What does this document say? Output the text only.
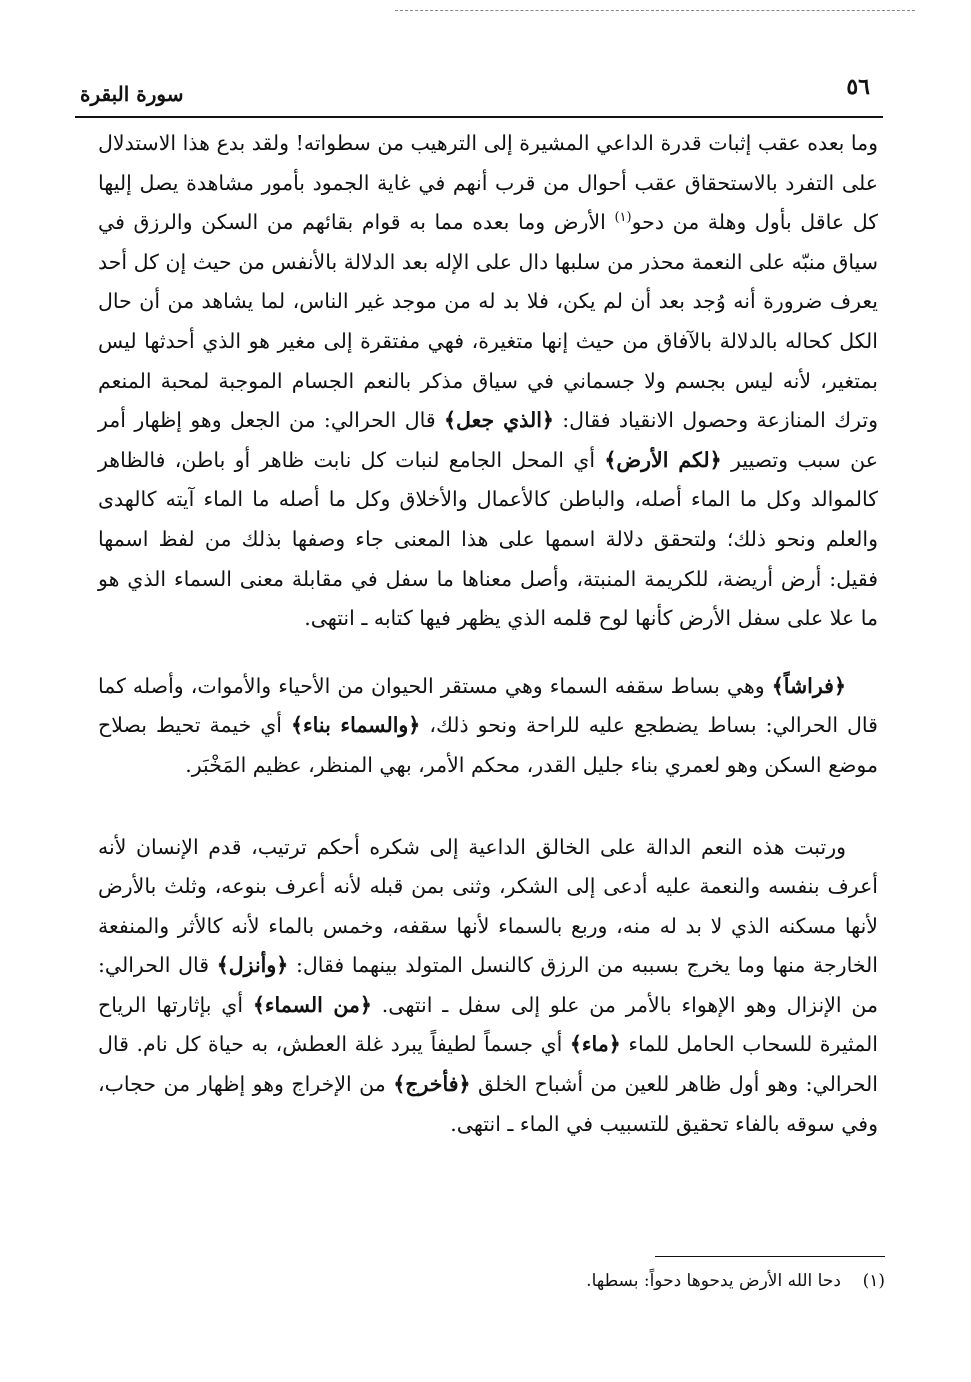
٥٦
سورة البقرة

وما بعده عقب إثبات قدرة الداعي المشيرة إلى الترهيب من سطواته! ولقد بدع هذا الاستدلال على التفرد بالاستحقاق عقب أحوال من قرب أنهم في غاية الجمود بأمور مشاهدة يصل إليها كل عاقل بأول وهلة من دحو$^{(١)}$ الأرض وما بعده مما به قوام بقائهم من السكن والرزق في سياق منبّه على النعمة محذر من سلبها دال على الإله بعد الدلالة بالأنفس من حيث إن كل أحد يعرف ضرورة أنه وُجد بعد أن لم يكن، فلا بد له من موجد غير الناس، لما يشاهد من أن حال الكل كحاله بالدلالة بالآفاق من حيث إنها متغيرة، فهي مفتقرة إلى مغير هو الذي أحدثها ليس بمتغير، لأنه ليس بجسم ولا جسماني في سياق مذكر بالنعم الجسام الموجبة لمحبة المنعم وترك المنازعة وحصول الانقياد فقال: ﴿الذي جعل﴾ قال الحرالي: من الجعل وهو إظهار أمر عن سبب وتصيير ﴿لكم الأرض﴾ أي المحل الجامع لنبات كل نابت ظاهر أو باطن، فالظاهر كالموالد وكل ما الماء أصله، والباطن كالأعمال والأخلاق وكل ما أصله ما الماء آيته كالهدى والعلم ونحو ذلك؛ ولتحقق دلالة اسمها على هذا المعنى جاء وصفها بذلك من لفظ اسمها فقيل: أرض أريضة، للكريمة المنبتة، وأصل معناها ما سفل في مقابلة معنى السماء الذي هو ما علا على سفل الأرض كأنها لوح قلمه الذي يظهر فيها كتابه ـ انتهى.

﴿فراشاً﴾ وهي بساط سقفه السماء وهي مستقر الحيوان من الأحياء والأموات، وأصله كما قال الحرالي: بساط يضطجع عليه للراحة ونحو ذلك، ﴿والسماء بناء﴾ أي خيمة تحيط بصلاح موضع السكن وهو لعمري بناء جليل القدر، محكم الأمر، بهي المنظر، عظيم المَخْبَر.

ورتبت هذه النعم الدالة على الخالق الداعية إلى شكره أحكم ترتيب، قدم الإنسان لأنه أعرف بنفسه والنعمة عليه أدعى إلى الشكر، وثنى بمن قبله لأنه أعرف بنوعه، وثلث بالأرض لأنها مسكنه الذي لا بد له منه، وربع بالسماء لأنها سقفه، وخمس بالماء لأنه كالأثر والمنفعة الخارجة منها وما يخرج بسببه من الرزق كالنسل المتولد بينهما فقال: ﴿وأنزل﴾ قال الحرالي: من الإنزال وهو الإهواء بالأمر من علو إلى سفل ـ انتهى. ﴿من السماء﴾ أي بإثارتها الرياح المثيرة للسحاب الحامل للماء ﴿ماء﴾ أي جسماً لطيفاً يبرد غلة العطش، به حياة كل نام. قال الحرالي: وهو أول ظاهر للعين من أشباح الخلق ﴿فأخرج﴾ من الإخراج وهو إظهار من حجاب، وفي سوقه بالفاء تحقيق للتسبيب في الماء ـ انتهى.

(١)    دحا الله الأرض يدحوها دحواً: بسطها.
